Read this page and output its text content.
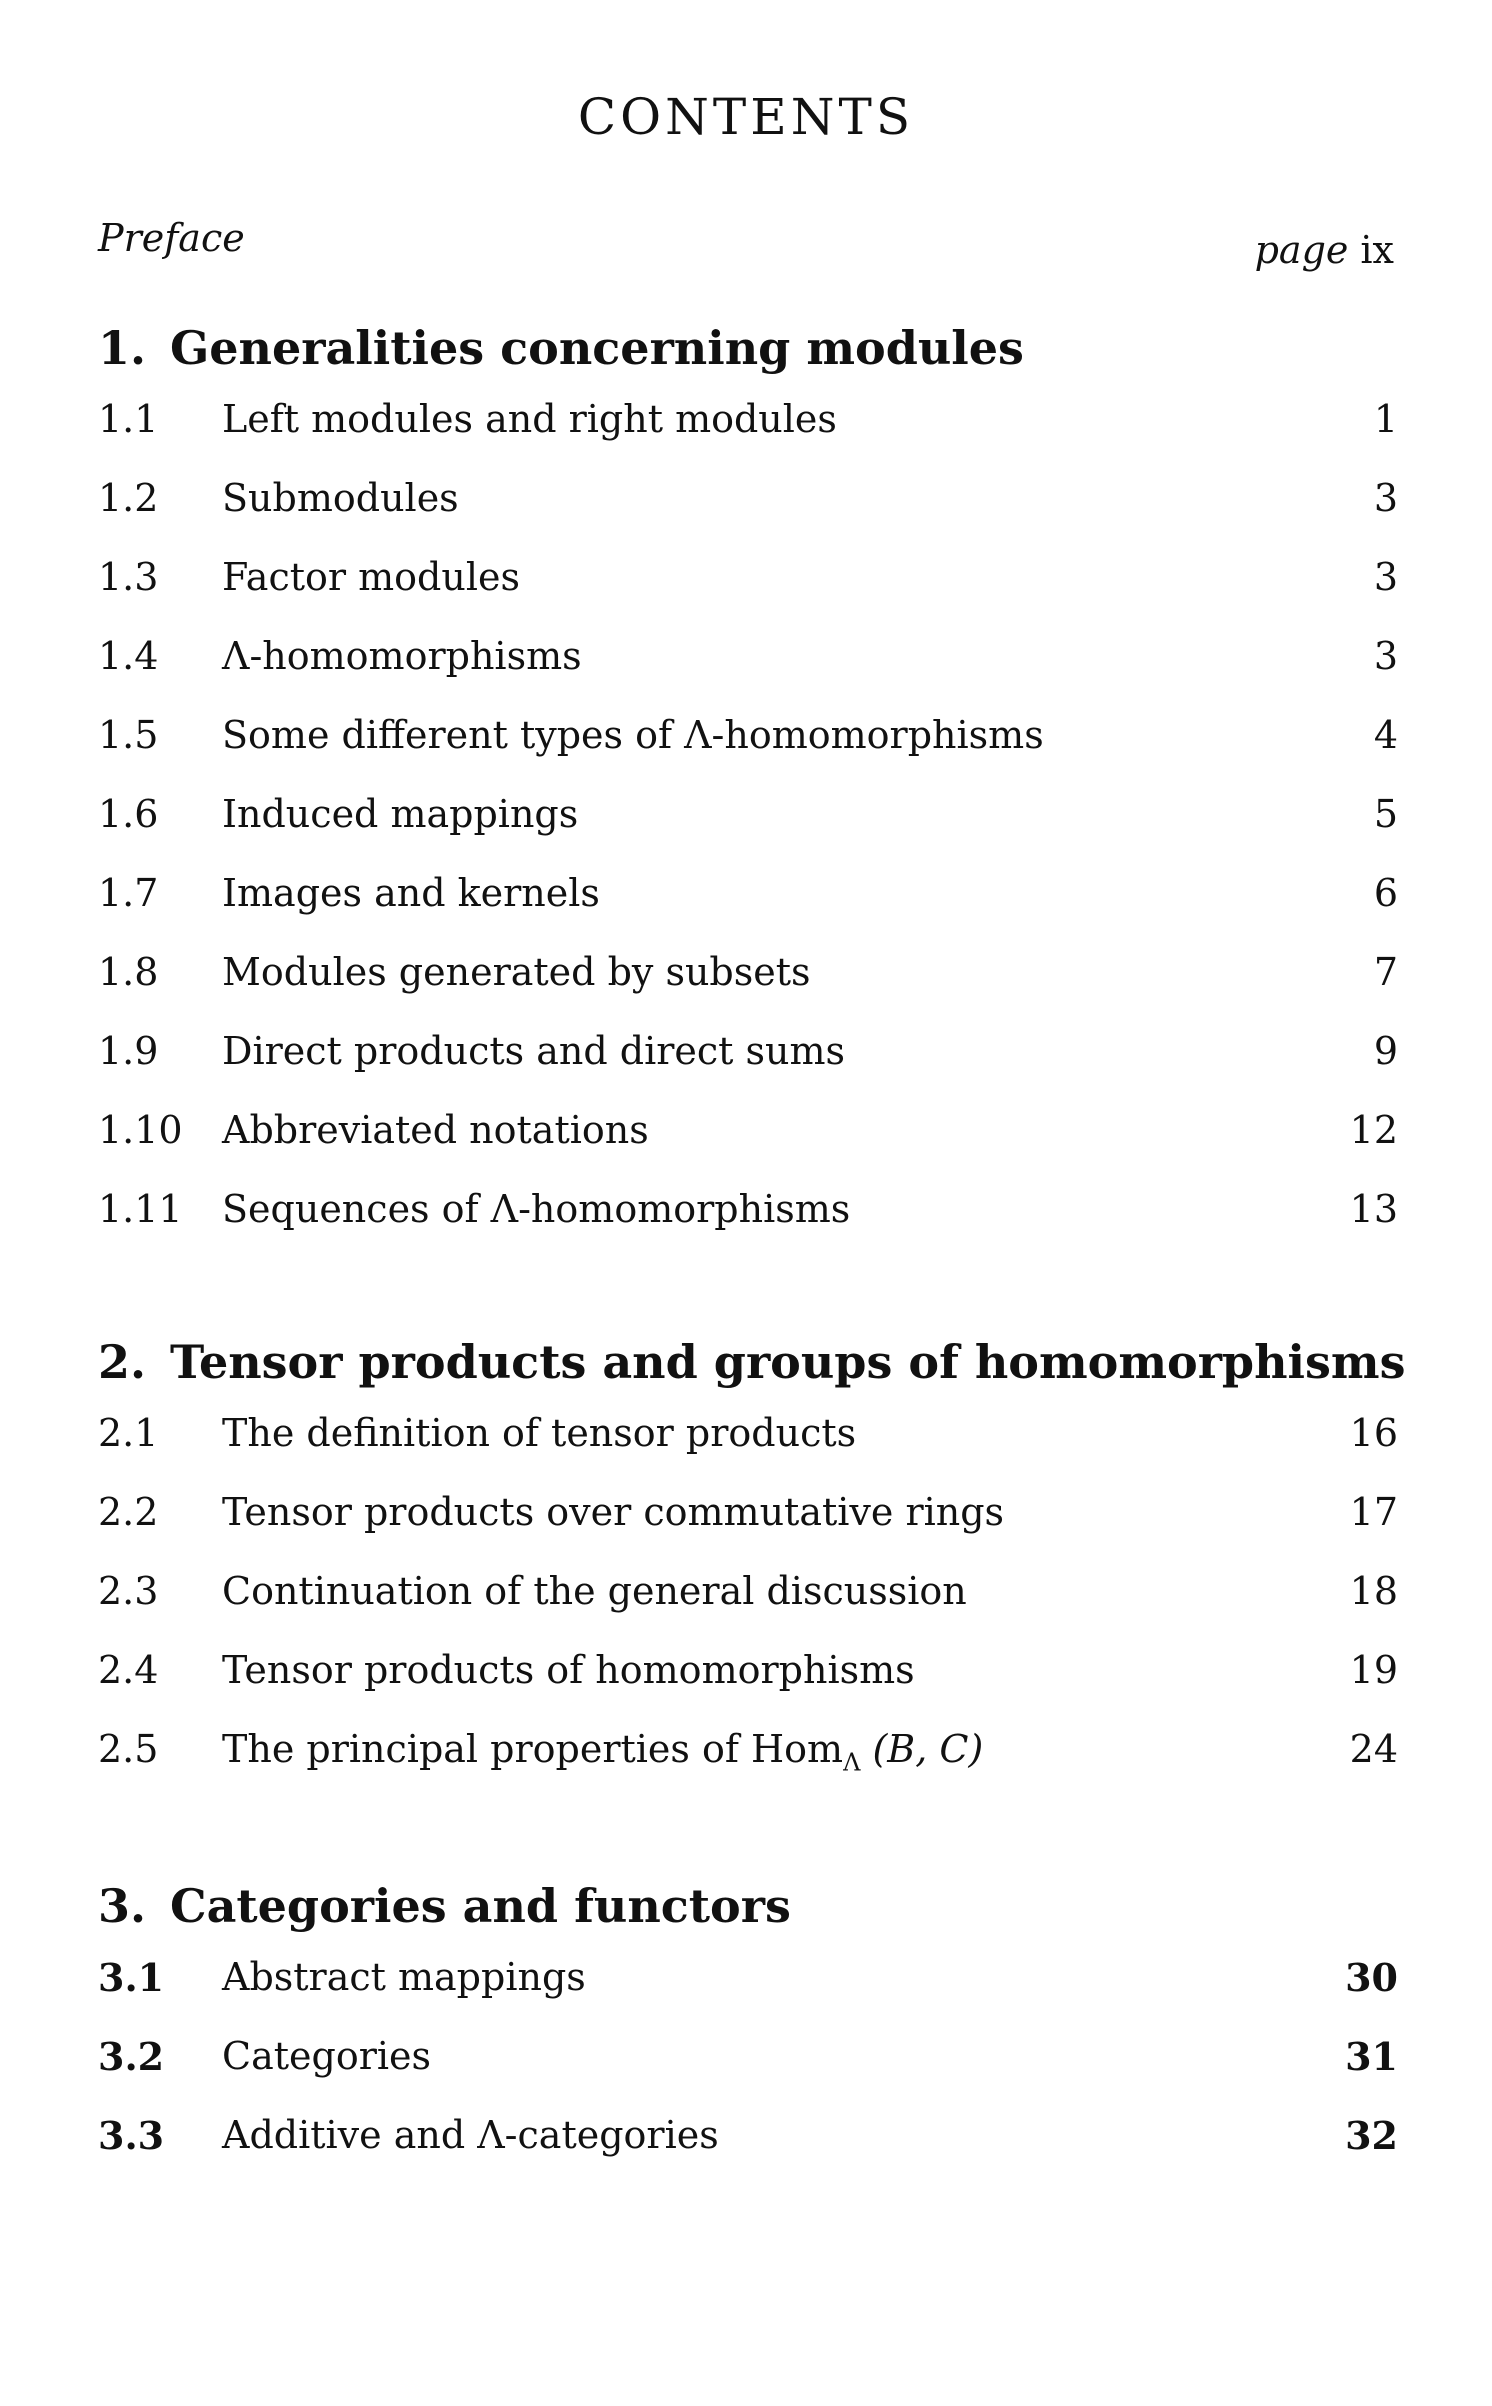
CONTENTS
Preface	page ix
1. Generalities concerning modules
1.1 Left modules and right modules	1
1.2 Submodules	3
1.3 Factor modules	3
1.4 Λ-homomorphisms	3
1.5 Some different types of Λ-homomorphisms	4
1.6 Induced mappings	5
1.7 Images and kernels	6
1.8 Modules generated by subsets	7
1.9 Direct products and direct sums	9
1.10 Abbreviated notations	12
1.11 Sequences of Λ-homomorphisms	13
2. Tensor products and groups of homomorphisms
2.1 The definition of tensor products	16
2.2 Tensor products over commutative rings	17
2.3 Continuation of the general discussion	18
2.4 Tensor products of homomorphisms	19
2.5 The principal properties of Hom$_\Lambda$ (B, C)	24
3. Categories and functors
3.1 Abstract mappings	30
3.2 Categories	31
3.3 Additive and Λ-categories	32
